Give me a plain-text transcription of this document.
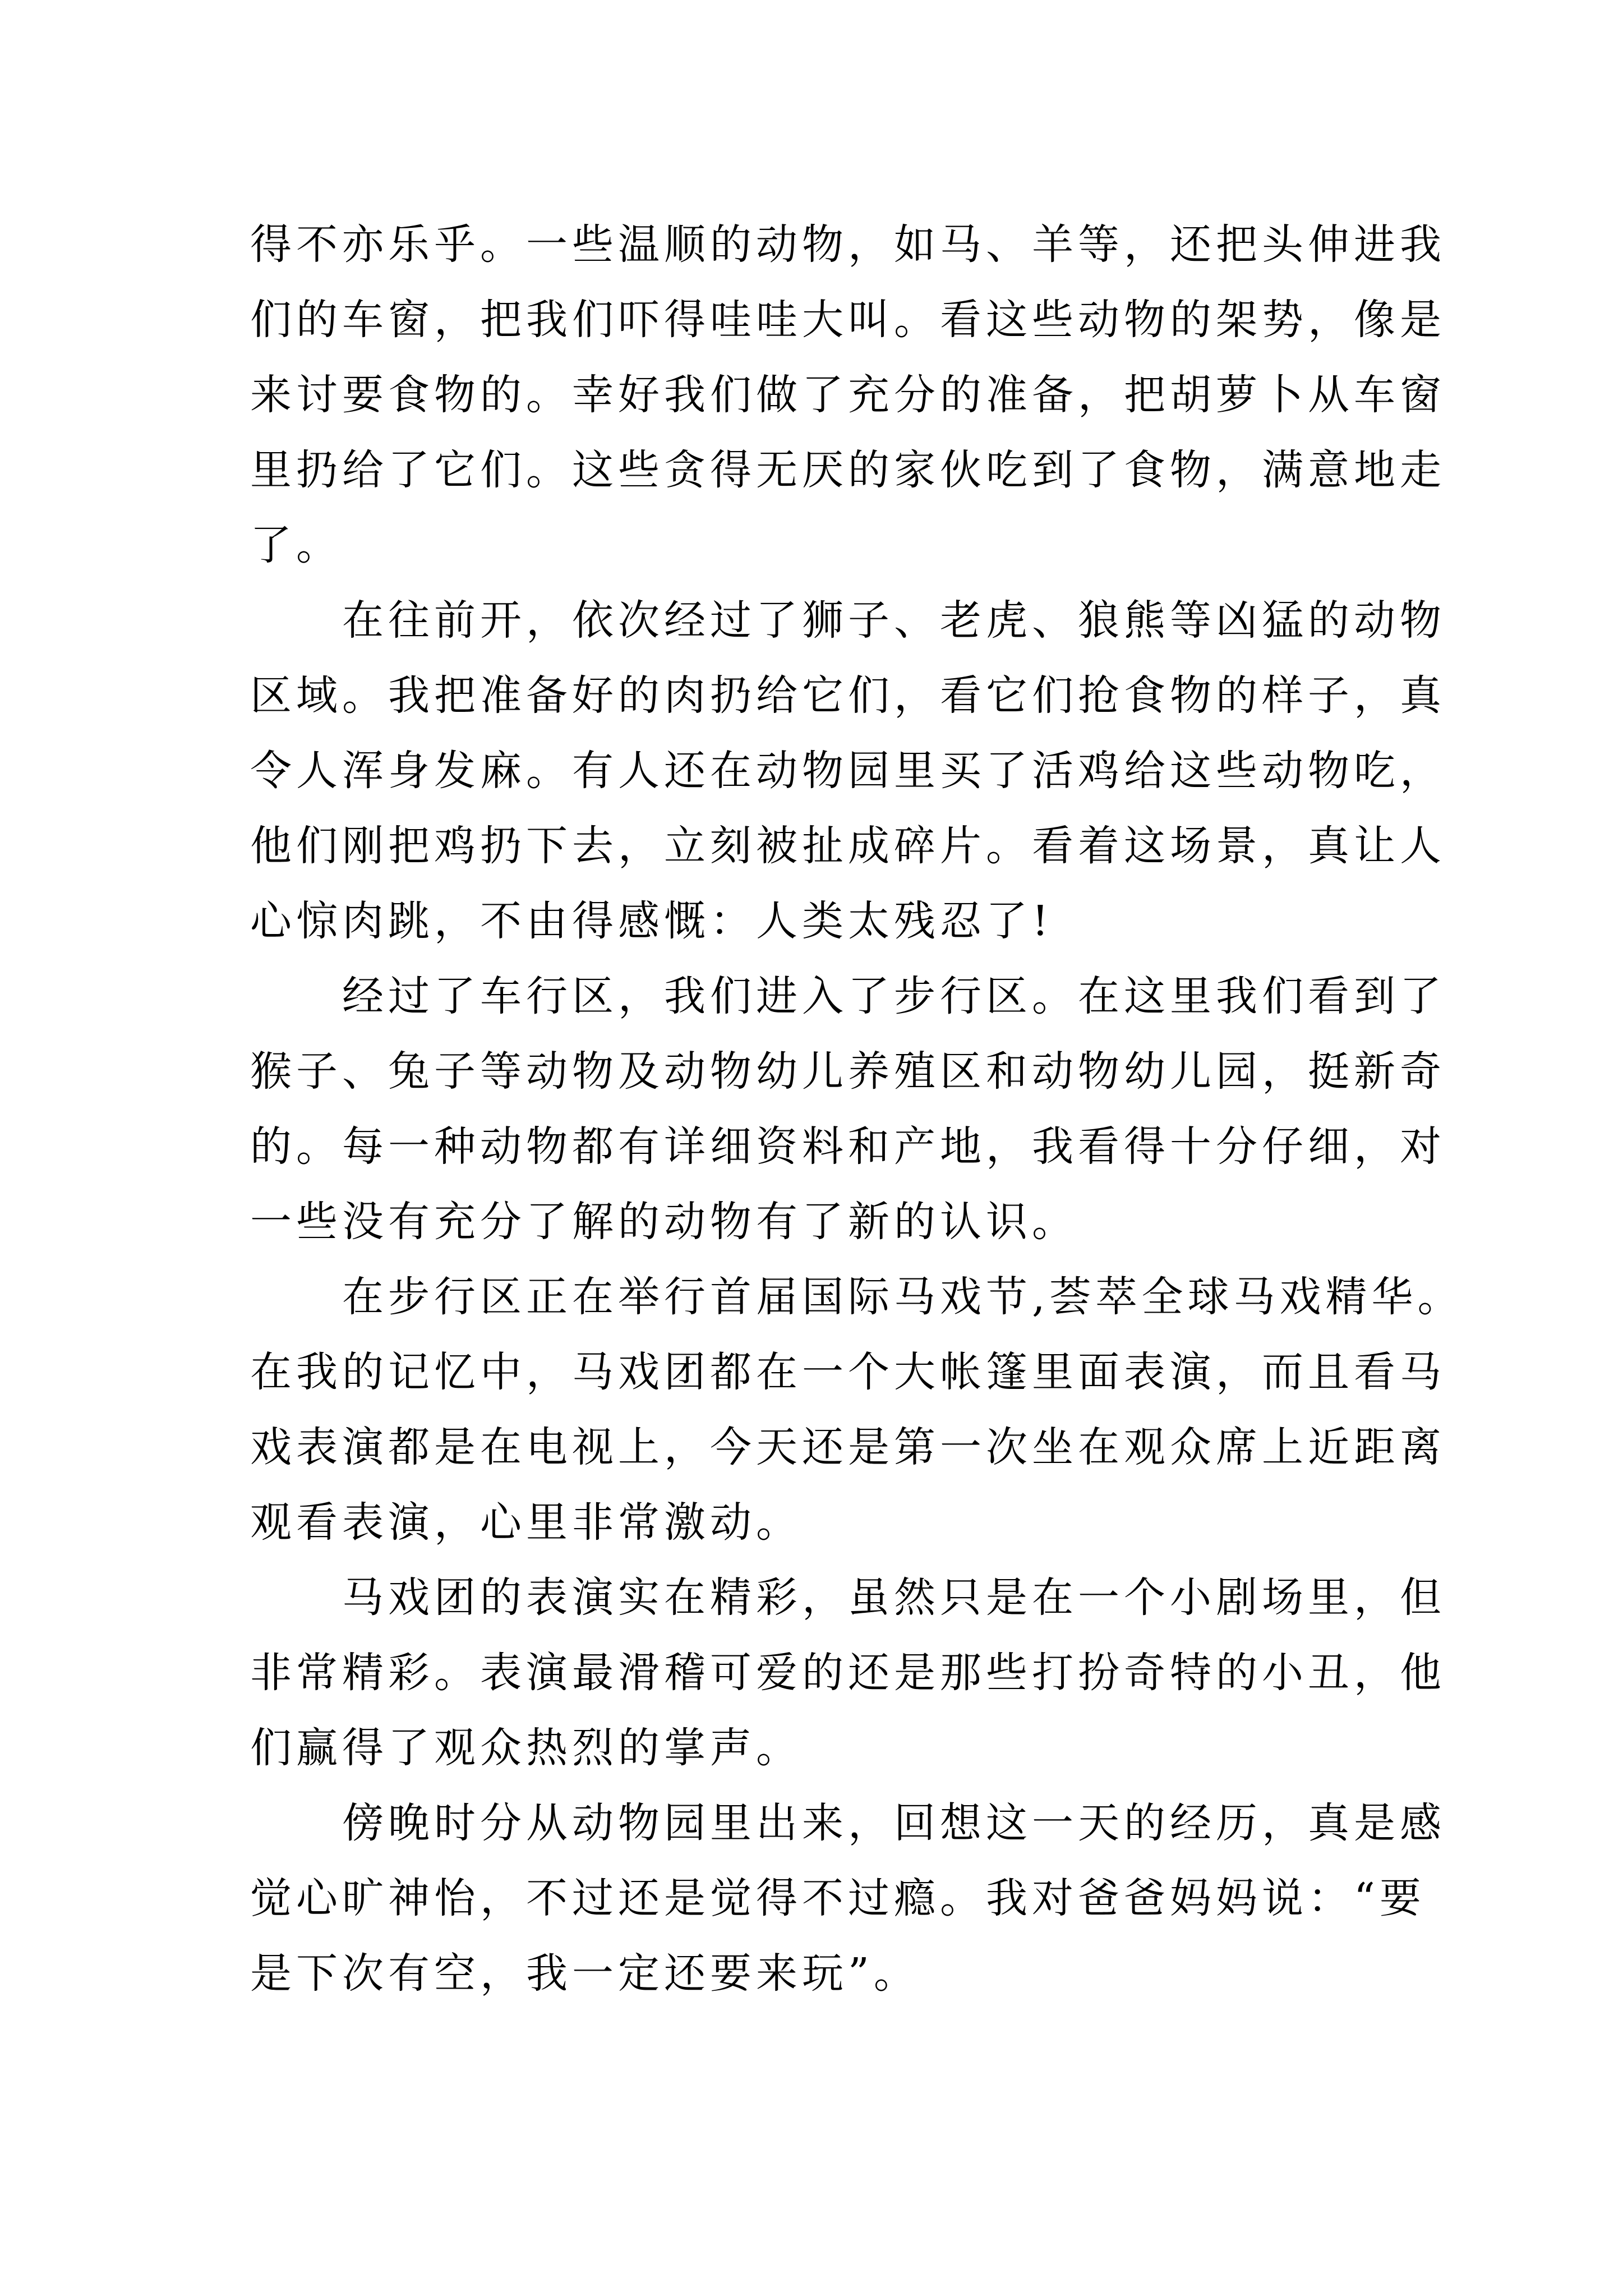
得不亦乐乎。一些温顺的动物，如马、羊等，还把头伸进我
们的车窗，把我们吓得哇哇大叫。看这些动物的架势，像是
来讨要食物的。幸好我们做了充分的准备，把胡萝卜从车窗
里扔给了它们。这些贪得无厌的家伙吃到了食物，满意地走
了。
　　在往前开，依次经过了狮子、老虎、狼熊等凶猛的动物
区域。我把准备好的肉扔给它们，看它们抢食物的样子，真
令人浑身发麻。有人还在动物园里买了活鸡给这些动物吃，
他们刚把鸡扔下去，立刻被扯成碎片。看着这场景，真让人
心惊肉跳，不由得感慨：人类太残忍了!
　　经过了车行区，我们进入了步行区。在这里我们看到了
猴子、兔子等动物及动物幼儿养殖区和动物幼儿园，挺新奇
的。每一种动物都有详细资料和产地，我看得十分仔细，对
一些没有充分了解的动物有了新的认识。
　　在步行区正在举行首届国际马戏节,荟萃全球马戏精华。
在我的记忆中，马戏团都在一个大帐篷里面表演，而且看马
戏表演都是在电视上，今天还是第一次坐在观众席上近距离
观看表演，心里非常激动。
　　马戏团的表演实在精彩，虽然只是在一个小剧场里，但
非常精彩。表演最滑稽可爱的还是那些打扮奇特的小丑，他
们赢得了观众热烈的掌声。
　　傍晚时分从动物园里出来，回想这一天的经历，真是感
觉心旷神怡，不过还是觉得不过瘾。我对爸爸妈妈说：“要
是下次有空，我一定还要来玩”。
